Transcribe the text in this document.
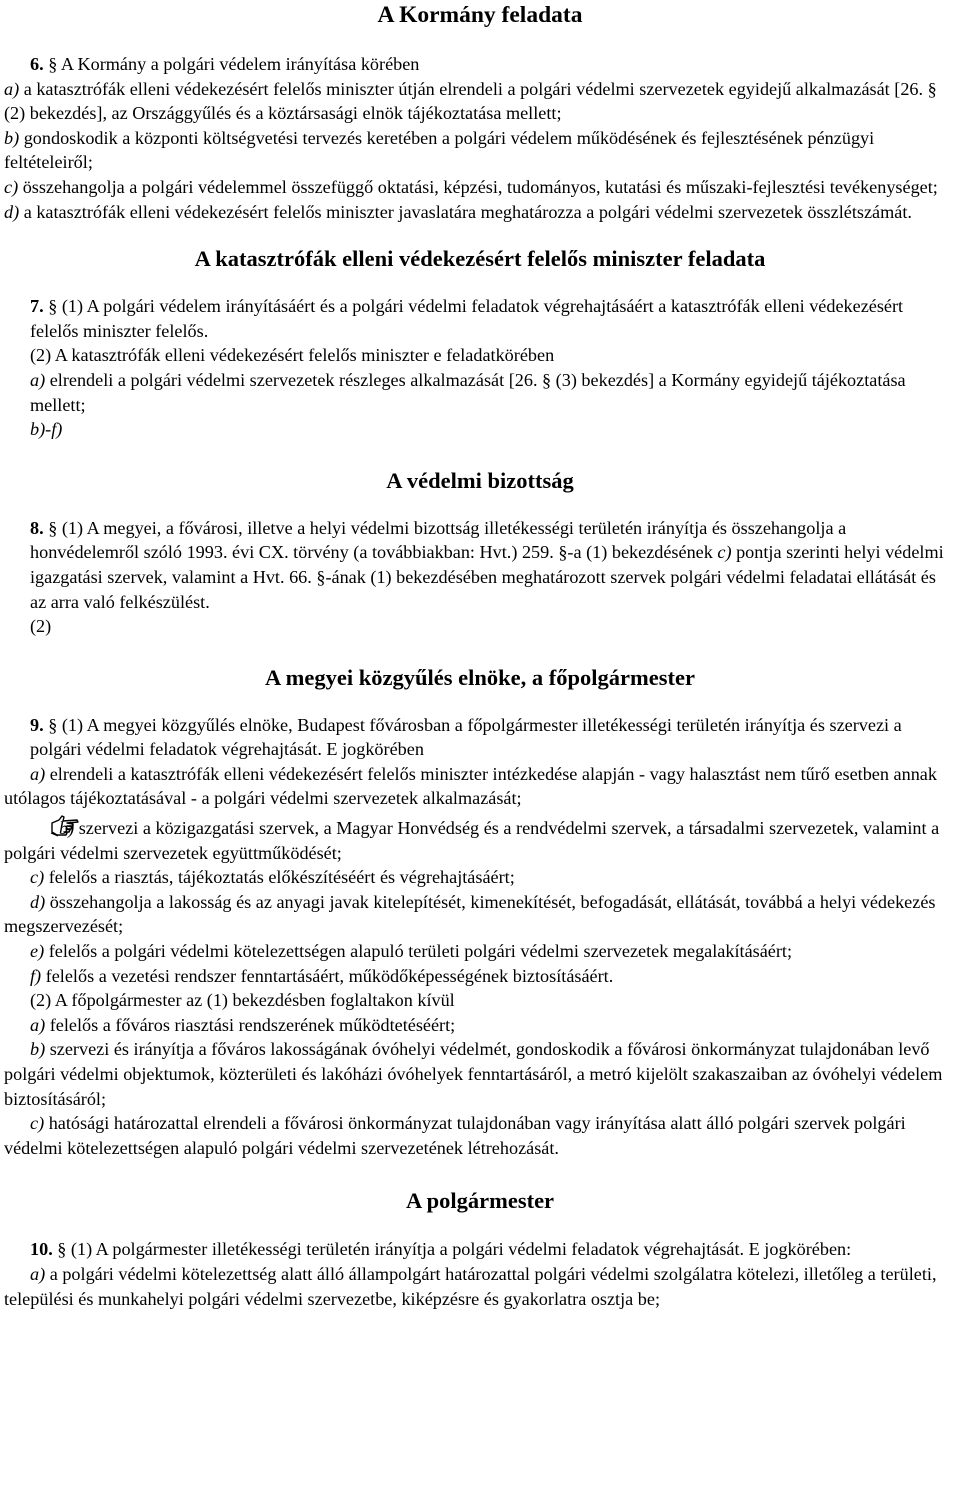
A Kormány feladata

6. § A Kormány a polgári védelem irányítása körében

a) a katasztrófák elleni védekezésért felelős miniszter útján elrendeli a polgári védelmi szervezetek egyidejű alkalmazását [26. § (2) bekezdés], az Országgyűlés és a köztársasági elnök tájékoztatása mellett;

b) gondoskodik a központi költségvetési tervezés keretében a polgári védelem működésének és fejlesztésének pénzügyi feltételeiről;

c) összehangolja a polgári védelemmel összefüggő oktatási, képzési, tudományos, kutatási és műszaki-fejlesztési tevékenységet;

d) a katasztrófák elleni védekezésért felelős miniszter javaslatára meghatározza a polgári védelmi szervezetek összlétszámát.

A katasztrófák elleni védekezésért felelős miniszter feladata

7. § (1) A polgári védelem irányításáért és a polgári védelmi feladatok végrehajtásáért a katasztrófák elleni védekezésért felelős miniszter felelős.

(2) A katasztrófák elleni védekezésért felelős miniszter e feladatkörében

a) elrendeli a polgári védelmi szervezetek részleges alkalmazását [26. § (3) bekezdés] a Kormány egyidejű tájékoztatása mellett;

b)-f)

A védelmi bizottság

8. § (1) A megyei, a fővárosi, illetve a helyi védelmi bizottság illetékességi területén irányítja és összehangolja a honvédelemről szóló 1993. évi CX. törvény (a továbbiakban: Hvt.) 259. §-a (1) bekezdésének c) pontja szerinti helyi védelmi igazgatási szervek, valamint a Hvt. 66. §-ának (1) bekezdésében meghatározott szervek polgári védelmi feladatai ellátását és az arra való felkészülést.

(2)

A megyei közgyűlés elnöke, a főpolgármester

9. § (1) A megyei közgyűlés elnöke, Budapest fővárosban a főpolgármester illetékességi területén irányítja és szervezi a polgári védelmi feladatok végrehajtását. E jogkörében

a) elrendeli a katasztrófák elleni védekezésért felelős miniszter intézkedése alapján - vagy halasztást nem tűrő esetben annak utólagos tájékoztatásával - a polgári védelmi szervezetek alkalmazását;

b) szervezi a közigazgatási szervek, a Magyar Honvédség és a rendvédelmi szervek, a társadalmi szervezetek, valamint a polgári védelmi szervezetek együttműködését;

c) felelős a riasztás, tájékoztatás előkészítéséért és végrehajtásáért;

d) összehangolja a lakosság és az anyagi javak kitelepítését, kimenekítését, befogadását, ellátását, továbbá a helyi védekezés megszervezését;

e) felelős a polgári védelmi kötelezettségen alapuló területi polgári védelmi szervezetek megalakításáért;

f) felelős a vezetési rendszer fenntartásáért, működőképességének biztosításáért.

(2) A főpolgármester az (1) bekezdésben foglaltakon kívül

a) felelős a főváros riasztási rendszerének működtetéséért;

b) szervezi és irányítja a főváros lakosságának óvóhelyi védelmét, gondoskodik a fővárosi önkormányzat tulajdonában levő polgári védelmi objektumok, közterületi és lakóházi óvóhelyek fenntartásáról, a metró kijelölt szakaszaiban az óvóhelyi védelem biztosításáról;

c) hatósági határozattal elrendeli a fővárosi önkormányzat tulajdonában vagy irányítása alatt álló polgári szervek polgári védelmi kötelezettségen alapuló polgári védelmi szervezetének létrehozását.

A polgármester

10. § (1) A polgármester illetékességi területén irányítja a polgári védelmi feladatok végrehajtását. E jogkörében:

a) a polgári védelmi kötelezettség alatt álló állampolgárt határozattal polgári védelmi szolgálatra kötelezi, illetőleg a területi, települési és munkahelyi polgári védelmi szervezetbe, kiképzésre és gyakorlatra osztja be;
